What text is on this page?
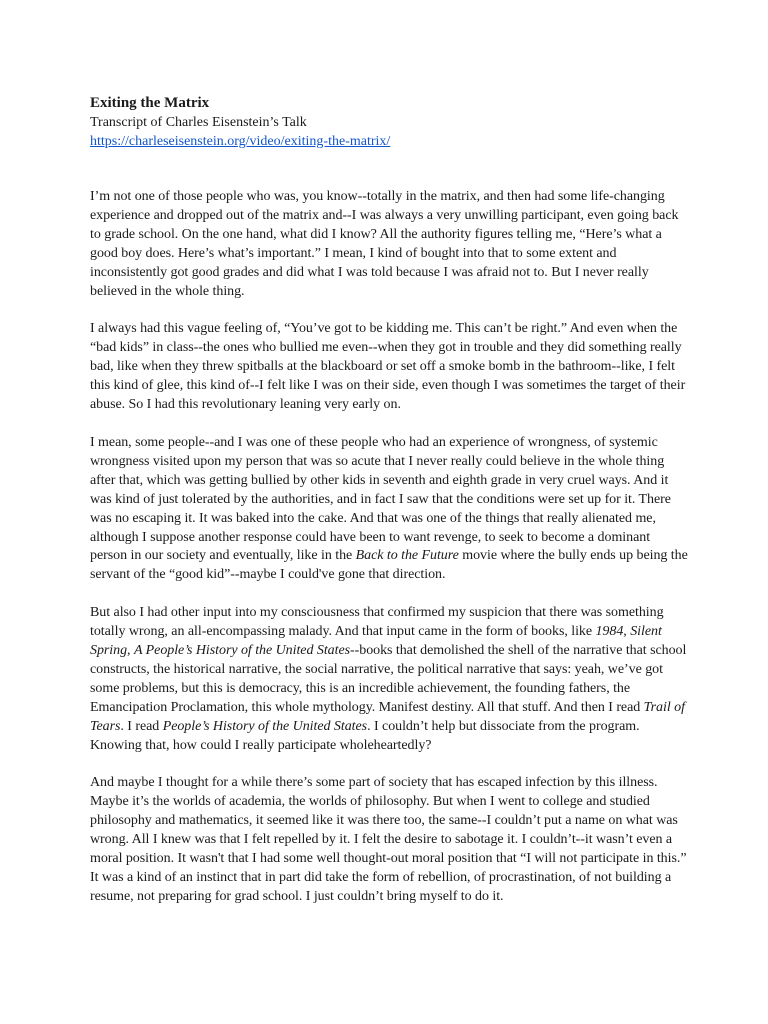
Exiting the Matrix

Transcript of Charles Eisenstein’s Talk

https://charleseisenstein.org/video/exiting-the-matrix/

I’m not one of those people who was, you know--totally in the matrix, and then had some life-changing experience and dropped out of the matrix and--I was always a very unwilling participant, even going back to grade school. On the one hand, what did I know? All the authority figures telling me, “Here’s what a good boy does. Here’s what’s important.” I mean, I kind of bought into that to some extent and inconsistently got good grades and did what I was told because I was afraid not to. But I never really believed in the whole thing.

I always had this vague feeling of, “You’ve got to be kidding me. This can’t be right.” And even when the “bad kids” in class--the ones who bullied me even--when they got in trouble and they did something really bad, like when they threw spitballs at the blackboard or set off a smoke bomb in the bathroom--like, I felt this kind of glee, this kind of--I felt like I was on their side, even though I was sometimes the target of their abuse. So I had this revolutionary leaning very early on.

I mean, some people--and I was one of these people who had an experience of wrongness, of systemic wrongness visited upon my person that was so acute that I never really could believe in the whole thing after that, which was getting bullied by other kids in seventh and eighth grade in very cruel ways. And it was kind of just tolerated by the authorities, and in fact I saw that the conditions were set up for it. There was no escaping it. It was baked into the cake. And that was one of the things that really alienated me, although I suppose another response could have been to want revenge, to seek to become a dominant person in our society and eventually, like in the Back to the Future movie where the bully ends up being the servant of the “good kid”--maybe I could've gone that direction.

But also I had other input into my consciousness that confirmed my suspicion that there was something totally wrong, an all-encompassing malady. And that input came in the form of books, like 1984, Silent Spring, A People’s History of the United States--books that demolished the shell of the narrative that school constructs, the historical narrative, the social narrative, the political narrative that says: yeah, we’ve got some problems, but this is democracy, this is an incredible achievement, the founding fathers, the Emancipation Proclamation, this whole mythology. Manifest destiny. All that stuff. And then I read Trail of Tears. I read People’s History of the United States. I couldn’t help but dissociate from the program. Knowing that, how could I really participate wholeheartedly?

And maybe I thought for a while there’s some part of society that has escaped infection by this illness. Maybe it’s the worlds of academia, the worlds of philosophy. But when I went to college and studied philosophy and mathematics, it seemed like it was there too, the same--I couldn’t put a name on what was wrong. All I knew was that I felt repelled by it. I felt the desire to sabotage it. I couldn’t--it wasn’t even a moral position. It wasn't that I had some well thought-out moral position that “I will not participate in this.” It was a kind of an instinct that in part did take the form of rebellion, of procrastination, of not building a resume, not preparing for grad school. I just couldn’t bring myself to do it.
